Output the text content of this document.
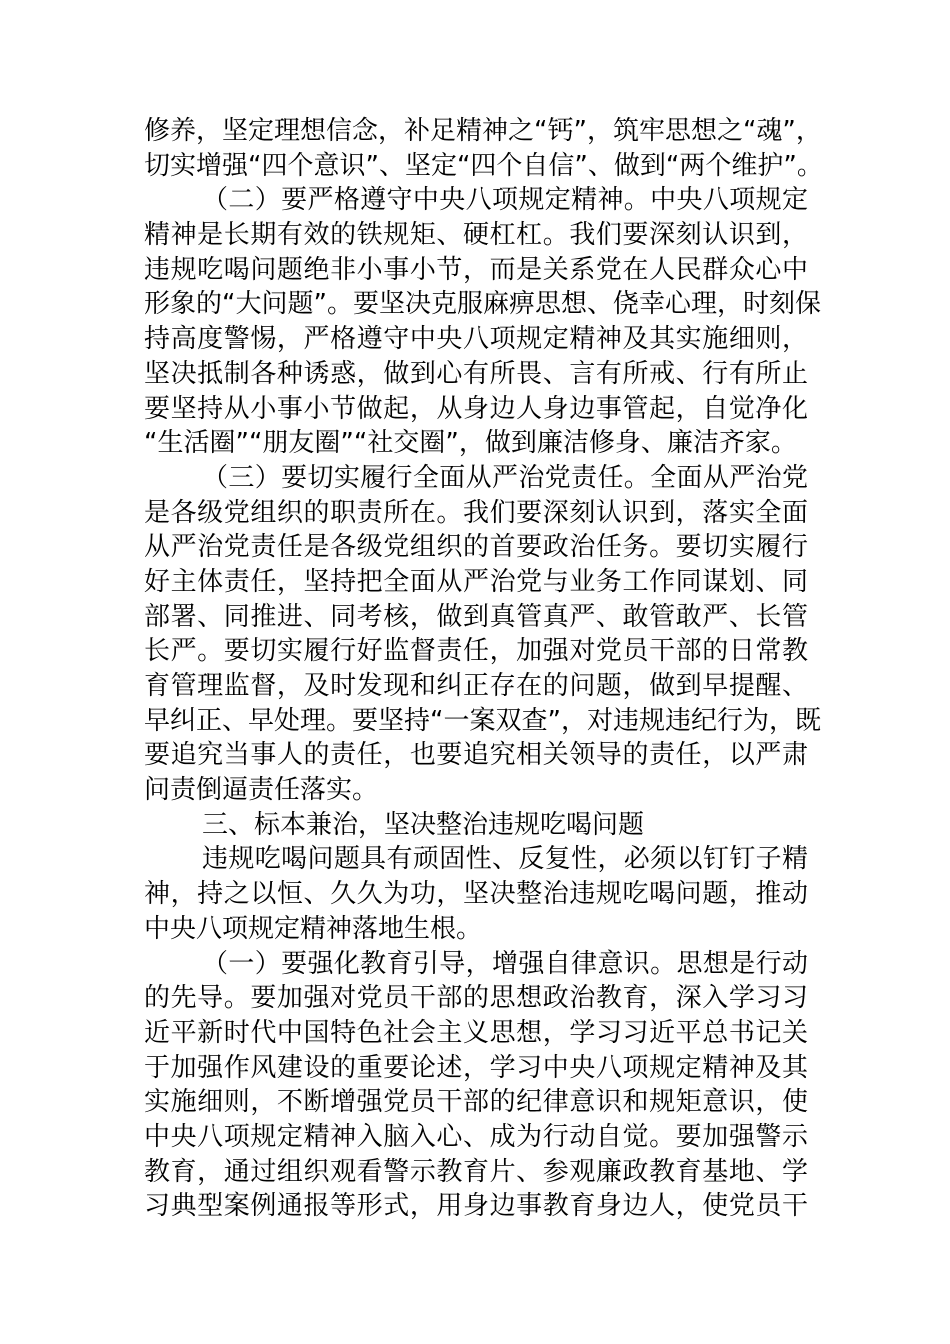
修养，坚定理想信念，补足精神之“钙”，筑牢思想之“魂”，
切实增强“四个意识”、坚定“四个自信”、做到“两个维护”。
（二）要严格遵守中央八项规定精神。中央八项规定
精神是长期有效的铁规矩、硬杠杠。我们要深刻认识到，
违规吃喝问题绝非小事小节，而是关系党在人民群众心中
形象的“大问题”。要坚决克服麻痹思想、侥幸心理，时刻保
持高度警惕，严格遵守中央八项规定精神及其实施细则，
坚决抵制各种诱惑，做到心有所畏、言有所戒、行有所止
要坚持从小事小节做起，从身边人身边事管起，自觉净化
“生活圈”“朋友圈”“社交圈”，做到廉洁修身、廉洁齐家。
（三）要切实履行全面从严治党责任。全面从严治党
是各级党组织的职责所在。我们要深刻认识到，落实全面
从严治党责任是各级党组织的首要政治任务。要切实履行
好主体责任，坚持把全面从严治党与业务工作同谋划、同
部署、同推进、同考核，做到真管真严、敢管敢严、长管
长严。要切实履行好监督责任，加强对党员干部的日常教
育管理监督，及时发现和纠正存在的问题，做到早提醒、
早纠正、早处理。要坚持“一案双查”，对违规违纪行为，既
要追究当事人的责任，也要追究相关领导的责任，以严肃
问责倒逼责任落实。
三、标本兼治，坚决整治违规吃喝问题
违规吃喝问题具有顽固性、反复性，必须以钉钉子精
神，持之以恒、久久为功，坚决整治违规吃喝问题，推动
中央八项规定精神落地生根。
（一）要强化教育引导，增强自律意识。思想是行动
的先导。要加强对党员干部的思想政治教育，深入学习习
近平新时代中国特色社会主义思想，学习习近平总书记关
于加强作风建设的重要论述，学习中央八项规定精神及其
实施细则，不断增强党员干部的纪律意识和规矩意识，使
中央八项规定精神入脑入心、成为行动自觉。要加强警示
教育，通过组织观看警示教育片、参观廉政教育基地、学
习典型案例通报等形式，用身边事教育身边人，使党员干
